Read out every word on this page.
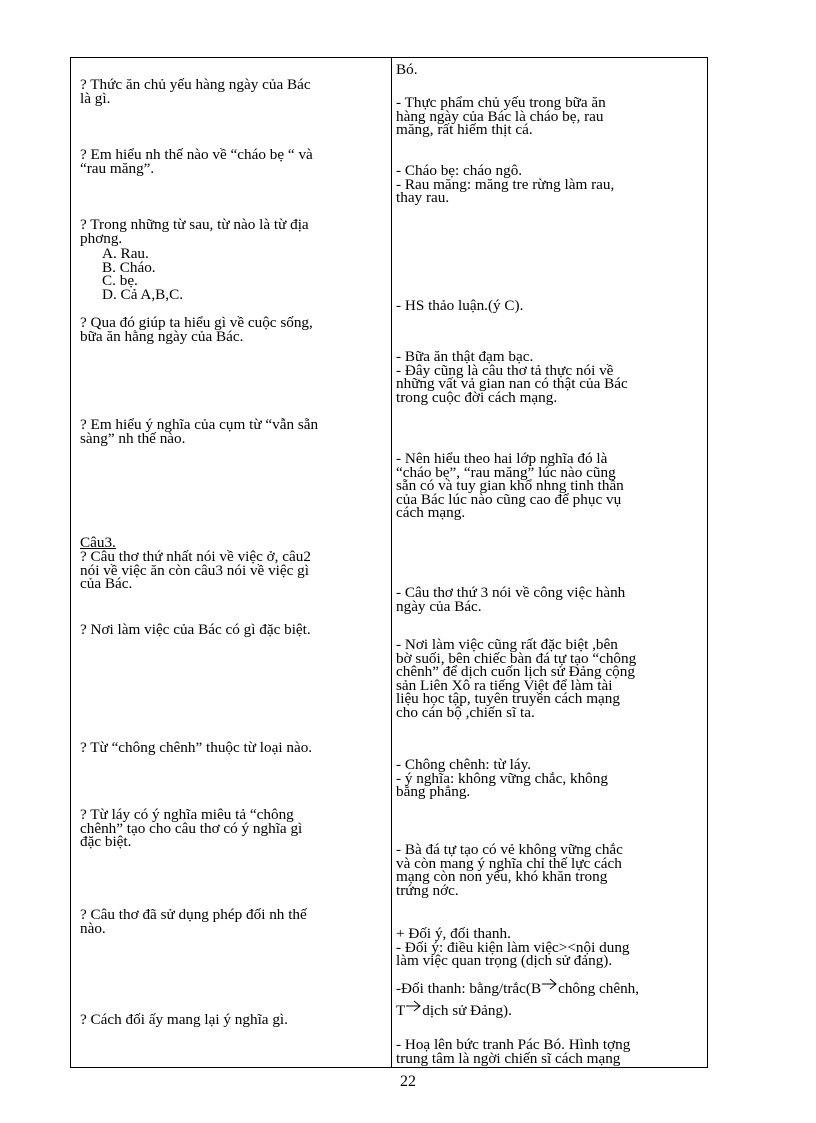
? Thức ăn chủ yếu hàng ngày của Bác
là gì.
? Em hiểu nh thế nào về “cháo bẹ “ và
“rau măng”.
? Trong những từ sau, từ nào là từ địa
phơng.
A. Rau.
B. Cháo.
C. bẹ.
D. Cả A,B,C.
? Qua đó giúp ta hiểu gì về cuộc sống,
bữa ăn hằng ngày của Bác.
? Em hiểu ý nghĩa của cụm từ “vẫn sẵn
sàng” nh thế nào.
Câu3.
? Câu thơ thứ nhất nói về việc ở, câu2
nói về việc ăn còn câu3 nói về việc gì
của Bác.
? Nơi làm việc của Bác có gì đặc biệt.
? Từ “chông chênh” thuộc từ loại nào.
? Từ láy có ý nghĩa miêu tả “chông
chênh” tạo cho câu thơ có ý nghĩa gì
đặc biệt.
? Câu thơ đã sử dụng phép đối nh thế
nào.
? Cách đối ấy mang lại ý nghĩa gì.
Bó.
- Thực phẩm chủ yếu trong bữa ăn
hàng ngày của Bác là cháo bẹ, rau
măng, rất hiếm thịt cá.
- Cháo bẹ: cháo ngô.
- Rau măng: măng tre rừng làm rau,
thay rau.
- HS thảo luận.(ý C).
- Bữa ăn thật đạm bạc.
- Đây cũng là câu thơ tả thực nói về
những vất vả gian nan có thật của Bác
trong cuộc đời cách mạng.
- Nên hiểu theo hai lớp nghĩa đó là
“cháo bẹ”, “rau măng” lúc nào cũng
sẵn có và tuy gian khổ nhng tinh thần
của Bác lúc nào cũng cao để phục vụ
cách mạng.
- Câu thơ thứ 3 nói về công việc hành
ngày của Bác.
- Nơi làm việc cũng rất đặc biệt ,bên
bờ suối, bên chiếc bàn đá tự tạo “chông
chênh” để dịch cuốn lịch sử Đảng cộng
sản Liên Xô ra tiếng Việt để làm tài
liệu học tập, tuyên truyền cách mạng
cho cán bộ ,chiến sĩ ta.
- Chông chênh: từ láy.
- ý nghĩa: không vững chắc, không
bằng phẳng.
- Bà đá tự tạo có vẻ không vững chắc
và còn mang ý nghĩa chỉ thế lực cách
mạng còn non yếu, khó khăn trong
trứng nớc.
+ Đối ý, đối thanh.
- Đối ý: điều kiện làm việc><nội dung
làm việc quan trọng (dịch sử đảng).
-Đối thanh: bằng/trắc(B chông chênh,
T dịch sử Đảng).
- Hoạ lên bức tranh Pác Bó. Hình tợng
trung tâm là ngời chiến sĩ cách mạng
22
